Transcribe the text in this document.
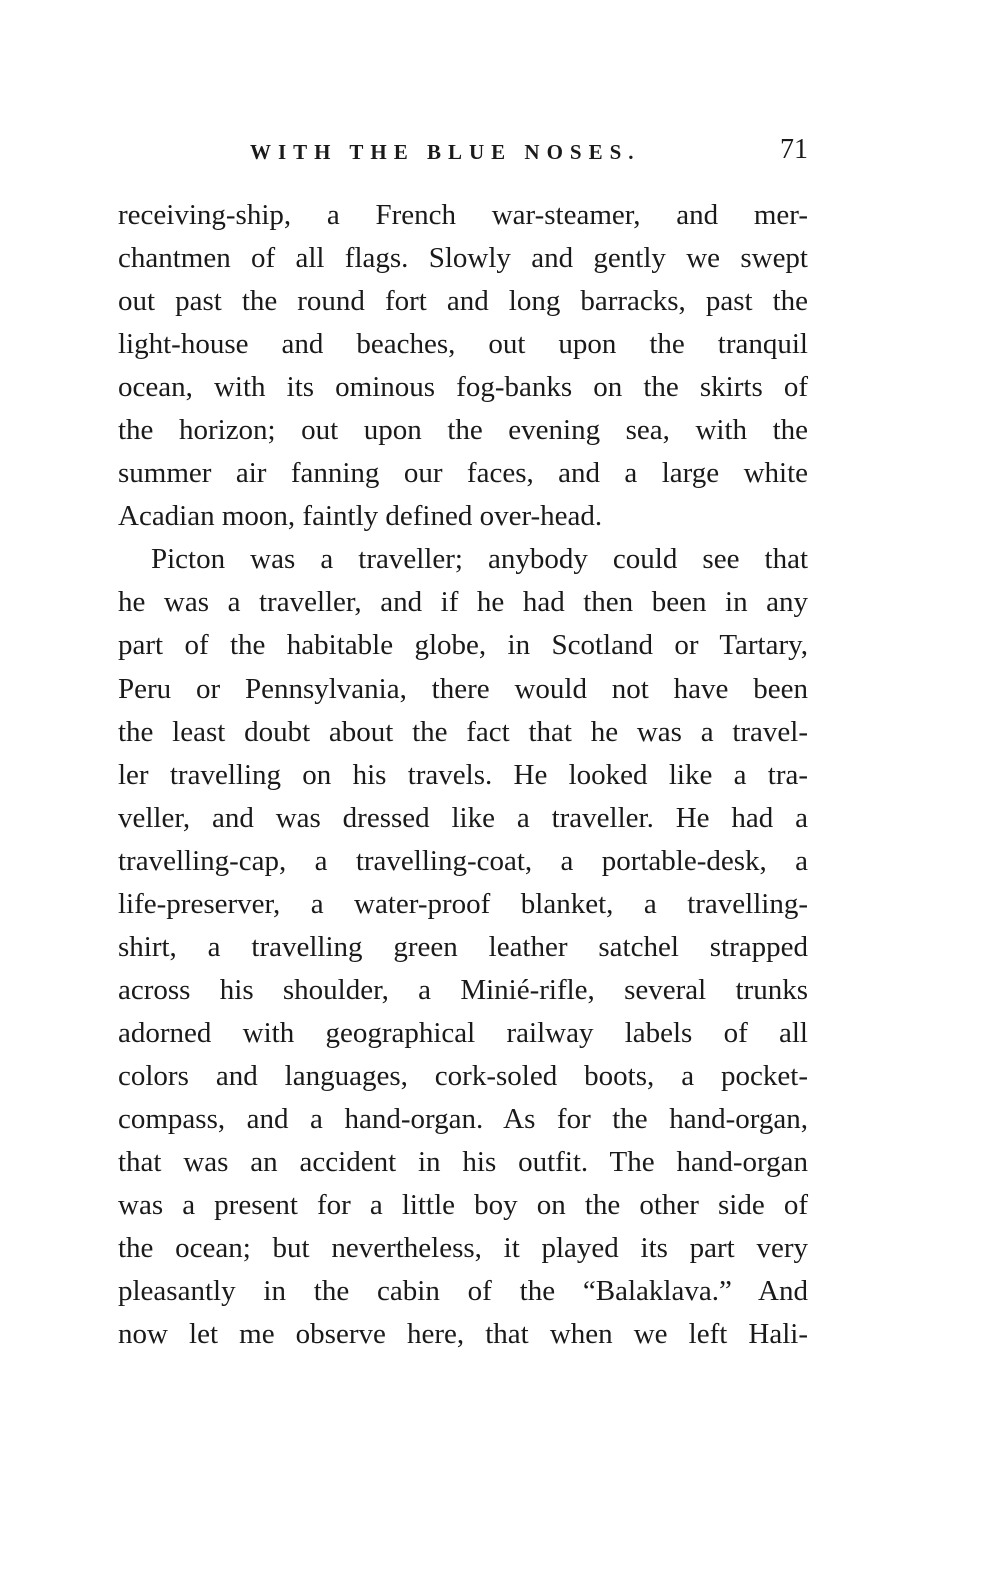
WITH THE BLUE NOSES.	71
receiving-ship, a French war-steamer, and mer-
chantmen of all flags. Slowly and gently we swept
out past the round fort and long barracks, past the
light-house and beaches, out upon the tranquil
ocean, with its ominous fog-banks on the skirts of
the horizon; out upon the evening sea, with the
summer air fanning our faces, and a large white
Acadian moon, faintly defined over-head.
Picton was a traveller; anybody could see that
he was a traveller, and if he had then been in any
part of the habitable globe, in Scotland or Tartary,
Peru or Pennsylvania, there would not have been
the least doubt about the fact that he was a travel-
ler travelling on his travels. He looked like a tra-
veller, and was dressed like a traveller. He had a
travelling-cap, a travelling-coat, a portable-desk, a
life-preserver, a water-proof blanket, a travelling-
shirt, a travelling green leather satchel strapped
across his shoulder, a Minié-rifle, several trunks
adorned with geographical railway labels of all
colors and languages, cork-soled boots, a pocket-
compass, and a hand-organ. As for the hand-organ,
that was an accident in his outfit. The hand-organ
was a present for a little boy on the other side of
the ocean; but nevertheless, it played its part very
pleasantly in the cabin of the “Balaklava.” And
now let me observe here, that when we left Hali-
